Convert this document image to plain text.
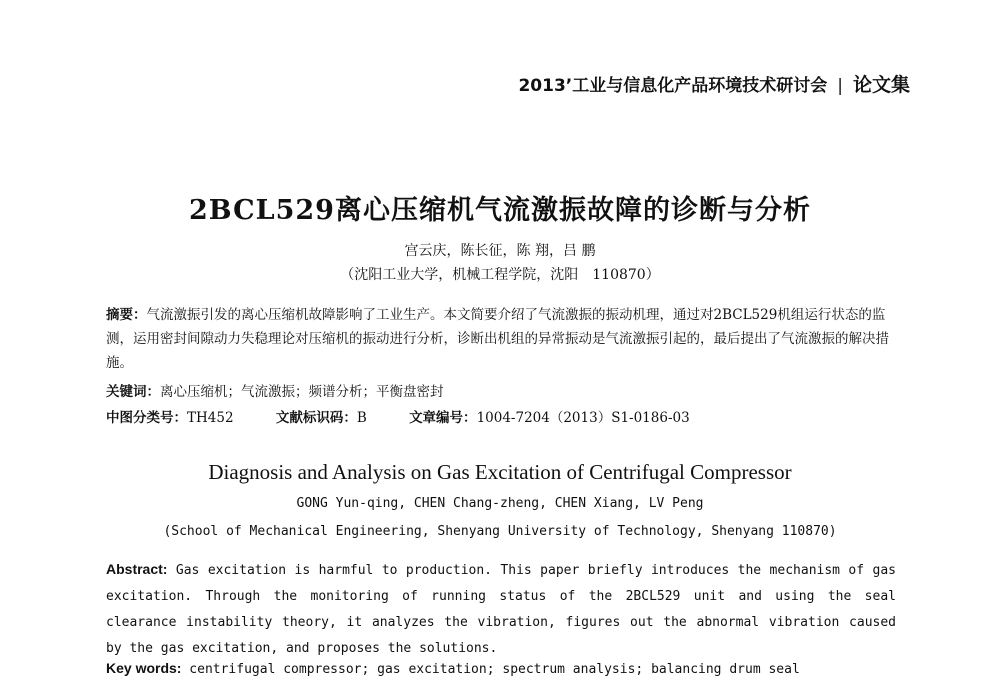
2013’工业与信息化产品环境技术研讨会 | 论文集
2BCL529离心压缩机气流激振故障的诊断与分析
宫云庆，陈长征，陈 翔，吕 鹏
（沈阳工业大学，机械工程学院，沈阳　110870）
摘要：气流激振引发的离心压缩机故障影响了工业生产。本文简要介绍了气流激振的振动机理，通过对2BCL529机组运行状态的监测，运用密封间隙动力失稳理论对压缩机的振动进行分析，诊断出机组的异常振动是气流激振引起的，最后提出了气流激振的解决措施。
关键词：离心压缩机；气流激振；频谱分析；平衡盘密封
中图分类号：TH452	文献标识码：B	文章编号：1004-7204（2013）S1-0186-03
Diagnosis and Analysis on Gas Excitation of Centrifugal Compressor
GONG Yun-qing, CHEN Chang-zheng, CHEN Xiang, LV Peng
(School of Mechanical Engineering, Shenyang University of Technology, Shenyang 110870)
Abstract: Gas excitation is harmful to production. This paper briefly introduces the mechanism of gas excitation. Through the monitoring of running status of the 2BCL529 unit and using the seal clearance instability theory, it analyzes the vibration, figures out the abnormal vibration caused by the gas excitation, and proposes the solutions.
Key words: centrifugal compressor; gas excitation; spectrum analysis; balancing drum seal
